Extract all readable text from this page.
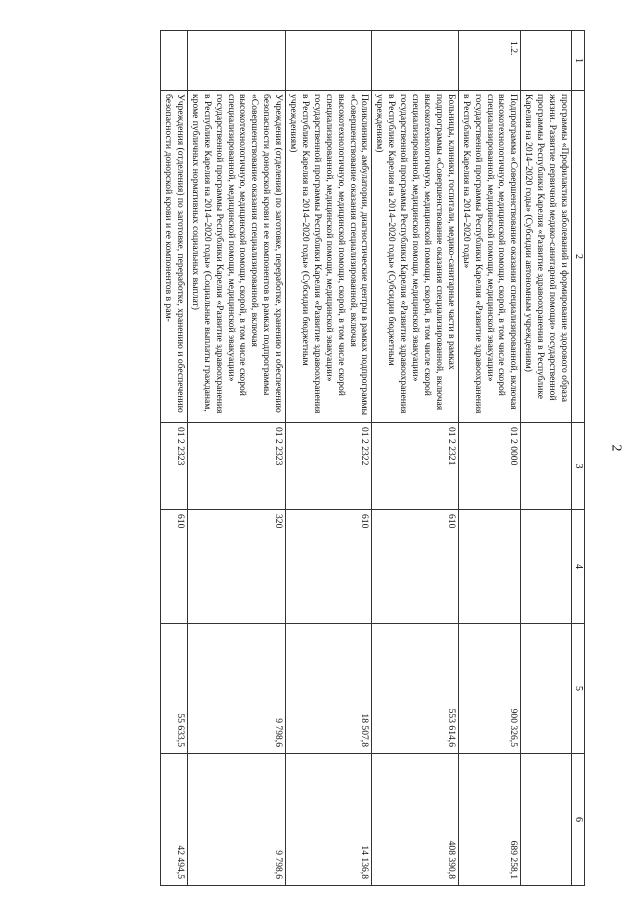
2
1	2	3	4	5	6
	программы «Профилактика заболеваний и формирование здорового образа жизни. Развитие первичной медико-санитарной помощи» государственной программы Республики Карелия «Развитие здравоохранения в Республике Карелия на 2014–2020 годы» (Субсидии автономным учреждениям)				
1.2.	Подпрограмма «Совершенствование оказания специализированной, включая высокотехнологичную, медицинской помощи, скорой, в том числе скорой специализированной, медицинской помощи, медицинской эвакуации» государственной программы Республики Карелия «Развитие здравоохранения в Республике Карелия на 2014–2020 годы»	01 2 0000		900 326,5	689 258,1
	Больницы, клиники, госпитали, медико-санитарные части в рамках подпрограммы «Совершенствование оказания специализированной, включая высокотехнологичную, медицинской помощи, скорой, в том числе скорой специализированной, медицинской помощи, медицинской эвакуации» государственной программы Республики Карелия «Развитие здравоохранения в Республике Карелия на 2014–2020 годы» (Субсидии бюджетным учреждениям)	01 2 2321	610	553 614,6	408 390,8
	Поликлиники, амбулатории, диагностические центры в рамках подпрограммы «Совершенствование оказания специализированной, включая высокотехнологичную, медицинской помощи, скорой, в том числе скорой специализированной, медицинской помощи, медицинской эвакуации» государственной программы Республики Карелия «Развитие здравоохранения в Республике Карелия на 2014–2020 годы» (Субсидии бюджетным учреждениям)	01 2 2322	610	18 507,8	14 136,8
	Учреждения (отделения) по заготовке, переработке, хранению и обеспечению безопасности донорской крови и ее компонентов в рамках подпрограммы «Совершенствование оказания специализированной, включая высокотехнологичную, медицинской помощи, скорой, в том числе скорой специализированной, медицинской помощи, медицинской эвакуации» государственной программы Республики Карелия «Развитие здравоохранения в Республике Карелия на 2014–2020 годы» (Социальные выплаты гражданам, кроме публичных нормативных социальных выплат)	01 2 2323	320	9 798,6	9 798,6
	Учреждения (отделения) по заготовке, переработке, хранению и обеспечению безопасности донорской крови и ее компонентов в рам-	01 2 2323	610	55 633,5	42 494,5
